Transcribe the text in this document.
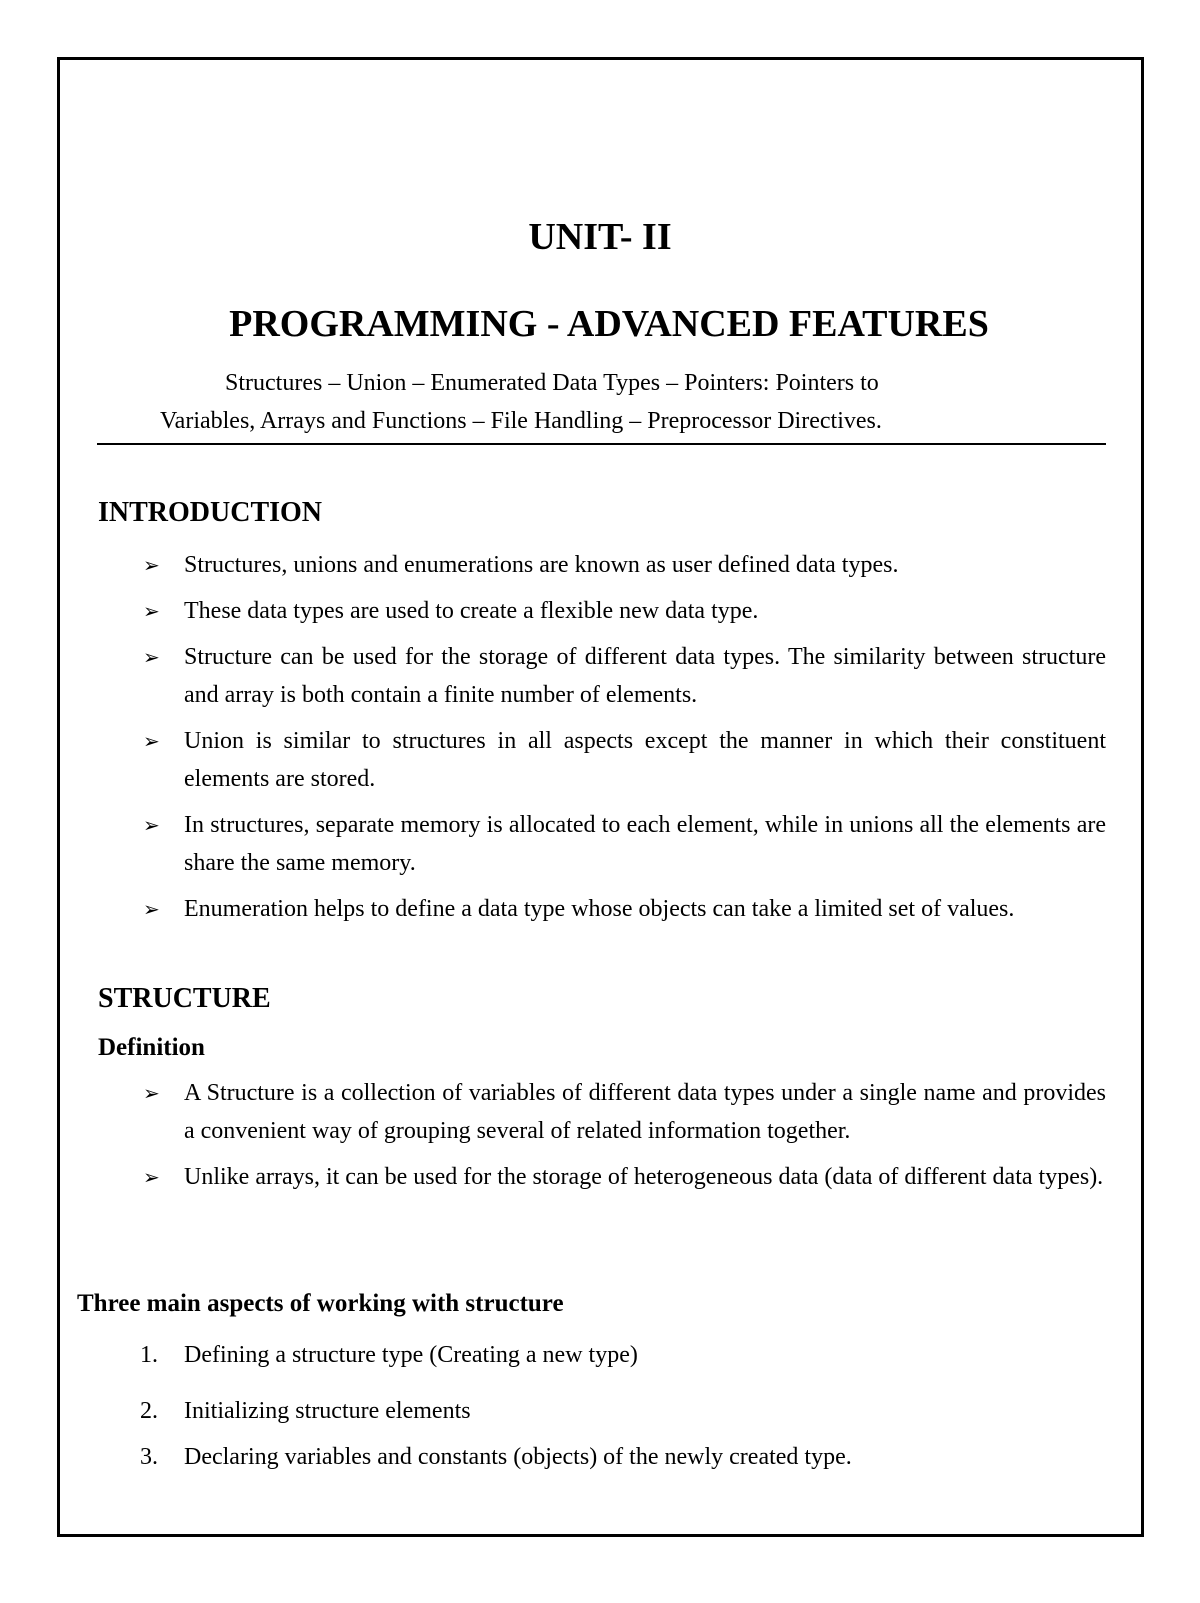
UNIT- II
PROGRAMMING - ADVANCED FEATURES
Structures – Union – Enumerated Data Types – Pointers: Pointers to
Variables, Arrays and Functions – File Handling – Preprocessor Directives.
INTRODUCTION
➢ Structures, unions and enumerations are known as user defined data types.
➢ These data types are used to create a flexible new data type.
➢ Structure can be used for the storage of different data types. The similarity between structure and array is both contain a finite number of elements.
➢ Union is similar to structures in all aspects except the manner in which their constituent elements are stored.
➢ In structures, separate memory is allocated to each element, while in unions all the elements are share the same memory.
➢ Enumeration helps to define a data type whose objects can take a limited set of values.
STRUCTURE
Definition
➢ A Structure is a collection of variables of different data types under a single name and provides a convenient way of grouping several of related information together.
➢ Unlike arrays, it can be used for the storage of heterogeneous data (data of different data types).
Three main aspects of working with structure
1. Defining a structure type (Creating a new type)
2. Initializing structure elements
3. Declaring variables and constants (objects) of the newly created type.
